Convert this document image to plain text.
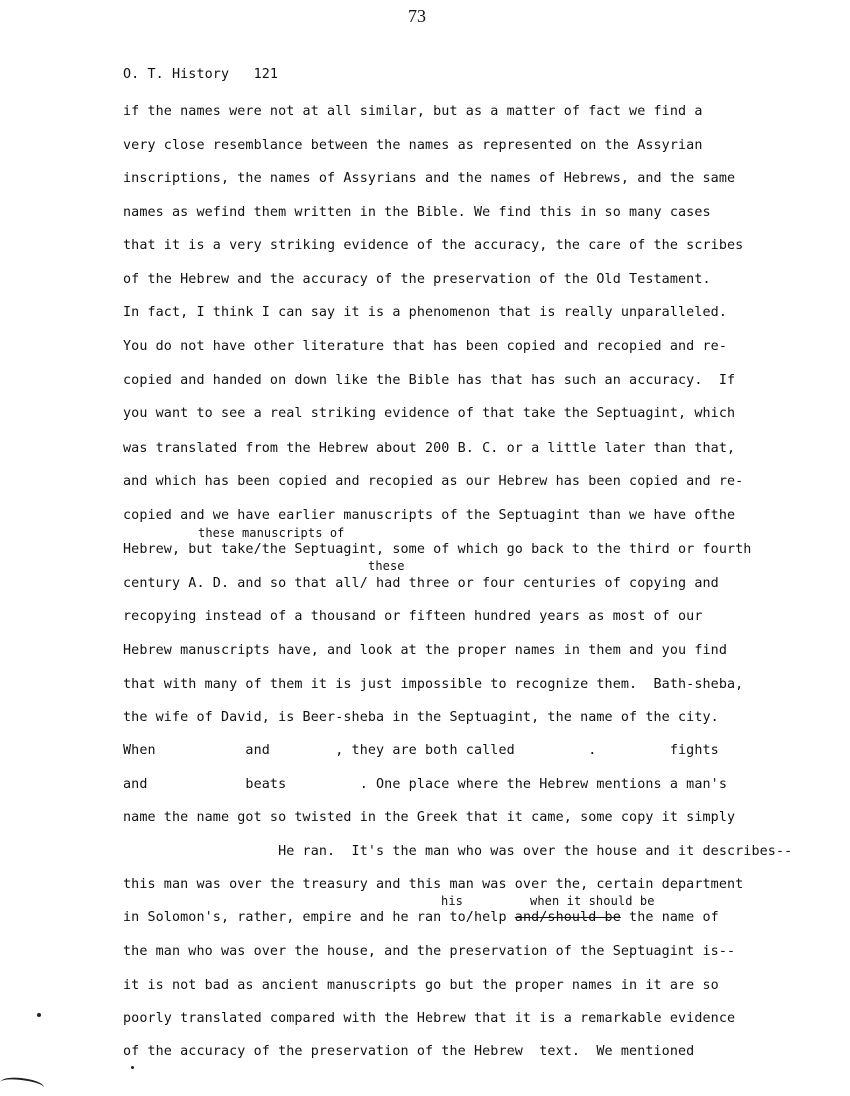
73
O. T. History   121
if the names were not at all similar, but as a matter of fact we find a
very close resemblance between the names as represented on the Assyrian
inscriptions, the names of Assyrians and the names of Hebrews, and the same
names as wefind them written in the Bible. We find this in so many cases
that it is a very striking evidence of the accuracy, the care of the scribes
of the Hebrew and the accuracy of the preservation of the Old Testament.
In fact, I think I can say it is a phenomenon that is really unparalleled.
You do not have other literature that has been copied and recopied and re-
copied and handed on down like the Bible has that has such an accuracy.  If
you want to see a real striking evidence of that take the Septuagint, which
was translated from the Hebrew about 200 B. C. or a little later than that,
and which has been copied and recopied as our Hebrew has been copied and re-
copied and we have earlier manuscripts of the Septuagint than we have ofthe
these manuscripts of
Hebrew, but take/the Septuagint, some of which go back to the third or fourth
these
century A. D. and so that all/ had three or four centuries of copying and
recopying instead of a thousand or fifteen hundred years as most of our
Hebrew manuscripts have, and look at the proper names in them and you find
that with many of them it is just impossible to recognize them.  Bath-sheba,
the wife of David, is Beer-sheba in the Septuagint, the name of the city.
When           and        , they are both called         .         fights
and            beats         . One place where the Hebrew mentions a man's
name the name got so twisted in the Greek that it came, some copy it simply
He ran.  It's the man who was over the house and it describes--
this man was over the treasury and this man was over the, certain department
his	when it should be
in Solomon's, rather, empire and he ran to/help and/should be the name of
the man who was over the house, and the preservation of the Septuagint is--
it is not bad as ancient manuscripts go but the proper names in it are so
poorly translated compared with the Hebrew that it is a remarkable evidence
of the accuracy of the preservation of the Hebrew  text.  We mentioned
